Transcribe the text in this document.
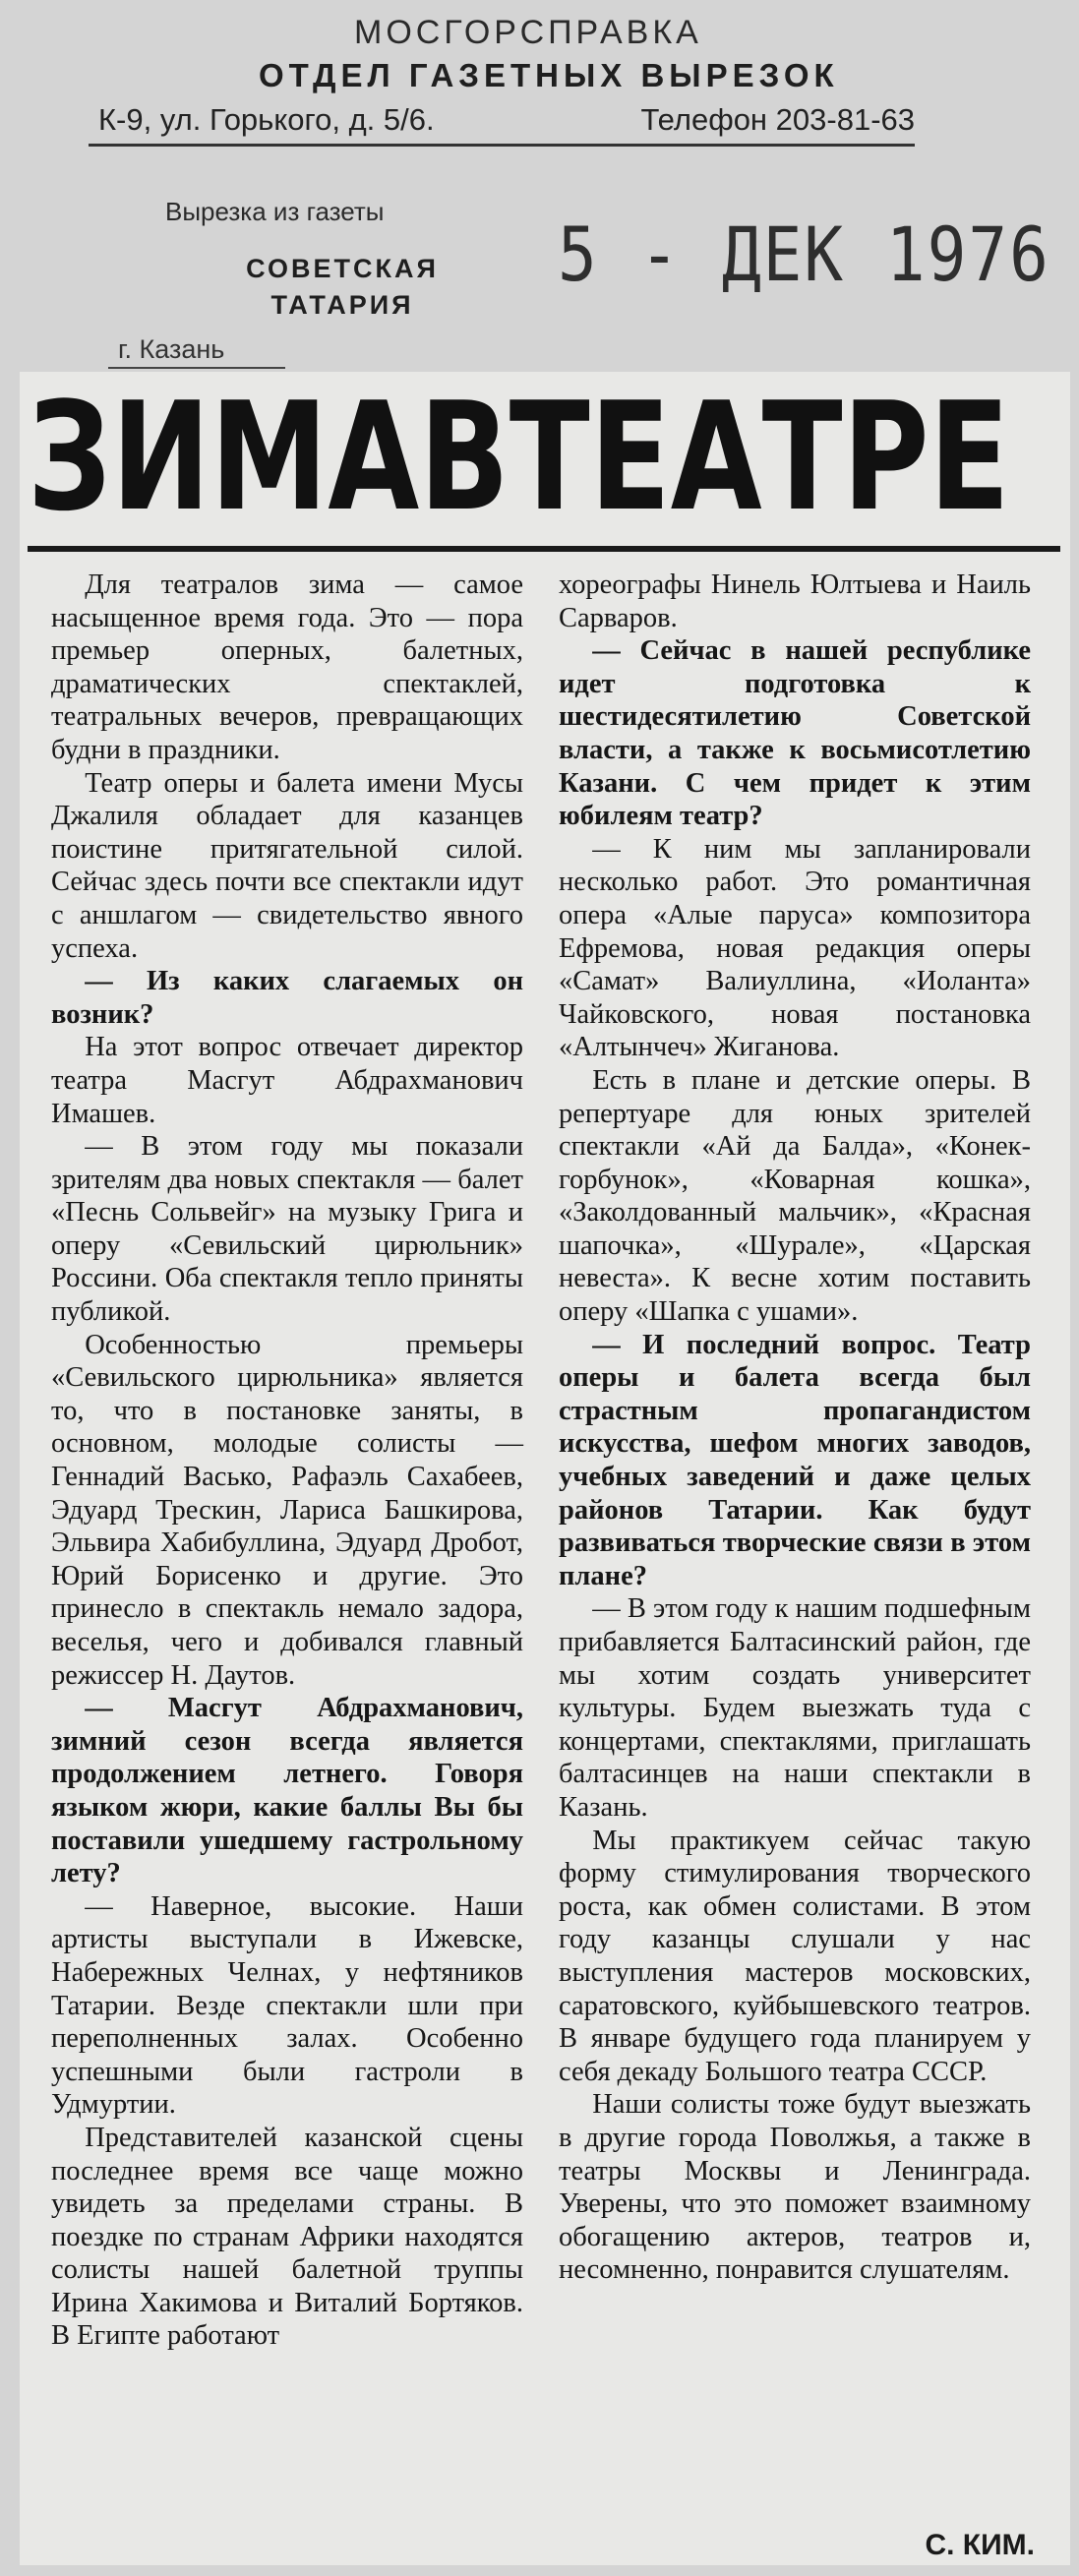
МОСГОРСПРАВКА
ОТДЕЛ ГАЗЕТНЫХ ВЫРЕЗОК
К-9, ул. Горького, д. 5/6.	Телефон 203-81-63
Вырезка из газеты
СОВЕТСКАЯ
ТАТАРИЯ
г. Казань
5 - ДЕК 1976
З И М А В Т Е А Т Р Е

Для театралов зима — самое насыщенное время года. Это — пора премьер оперных, балетных, драматических спектаклей, театральных вечеров, превращающих будни в праздники.

Театр оперы и балета имени Мусы Джалиля обладает для казанцев поистине притягательной силой. Сейчас здесь почти все спектакли идут с аншлагом — свидетельство явного успеха.

— Из каких слагаемых он возник?

На этот вопрос отвечает директор театра Масгут Абдрахманович Имашев.

— В этом году мы показали зрителям два новых спектакля — балет «Песнь Сольвейг» на музыку Грига и оперу «Севильский цирюльник» Россини. Оба спектакля тепло приняты публикой.

Особенностью премьеры «Севильского цирюльника» является то, что в постановке заняты, в основном, молодые солисты — Геннадий Васько, Рафаэль Сахабеев, Эдуард Трескин, Лариса Башкирова, Эльвира Хабибуллина, Эдуард Дробот, Юрий Борисенко и другие. Это принесло в спектакль немало задора, веселья, чего и добивался главный режиссер Н. Даутов.

— Масгут Абдрахманович, зимний сезон всегда является продолжением летнего. Говоря языком жюри, какие баллы Вы бы поставили ушедшему гастрольному лету?

— Наверное, высокие. Наши артисты выступали в Ижевске, Набережных Челнах, у нефтяников Татарии. Везде спектакли шли при переполненных залах. Особенно успешными были гастроли в Удмуртии.

Представителей казанской сцены последнее время все чаще можно увидеть за пределами страны. В поездке по странам Африки находятся солисты нашей балетной труппы Ирина Хакимова и Виталий Бортяков. В Египте работают

хореографы Нинель Юлтыева и Наиль Сарваров.

— Сейчас в нашей республике идет подготовка к шестидесятилетию Советской власти, а также к восьмисотлетию Казани. С чем придет к этим юбилеям театр?

— К ним мы запланировали несколько работ. Это романтичная опера «Алые паруса» композитора Ефремова, новая редакция оперы «Самат» Валиуллина, «Иоланта» Чайковского, новая постановка «Алтынчеч» Жиганова.

Есть в плане и детские оперы. В репертуаре для юных зрителей спектакли «Ай да Балда», «Конек-горбунок», «Коварная кошка», «Заколдованный мальчик», «Красная шапочка», «Шурале», «Царская невеста». К весне хотим поставить оперу «Шапка с ушами».

— И последний вопрос. Театр оперы и балета всегда был страстным пропагандистом искусства, шефом многих заводов, учебных заведений и даже целых районов Татарии. Как будут развиваться творческие связи в этом плане?

— В этом году к нашим подшефным прибавляется Балтасинский район, где мы хотим создать университет культуры. Будем выезжать туда с концертами, спектаклями, приглашать балтасинцев на наши спектакли в Казань.

Мы практикуем сейчас такую форму стимулирования творческого роста, как обмен солистами. В этом году казанцы слушали у нас выступления мастеров московских, саратовского, куйбышевского театров. В январе будущего года планируем у себя декаду Большого театра СССР.

Наши солисты тоже будут выезжать в другие города Поволжья, а также в театры Москвы и Ленинграда. Уверены, что это поможет взаимному обогащению актеров, театров и, несомненно, понравится слушателям.

С. КИМ.
